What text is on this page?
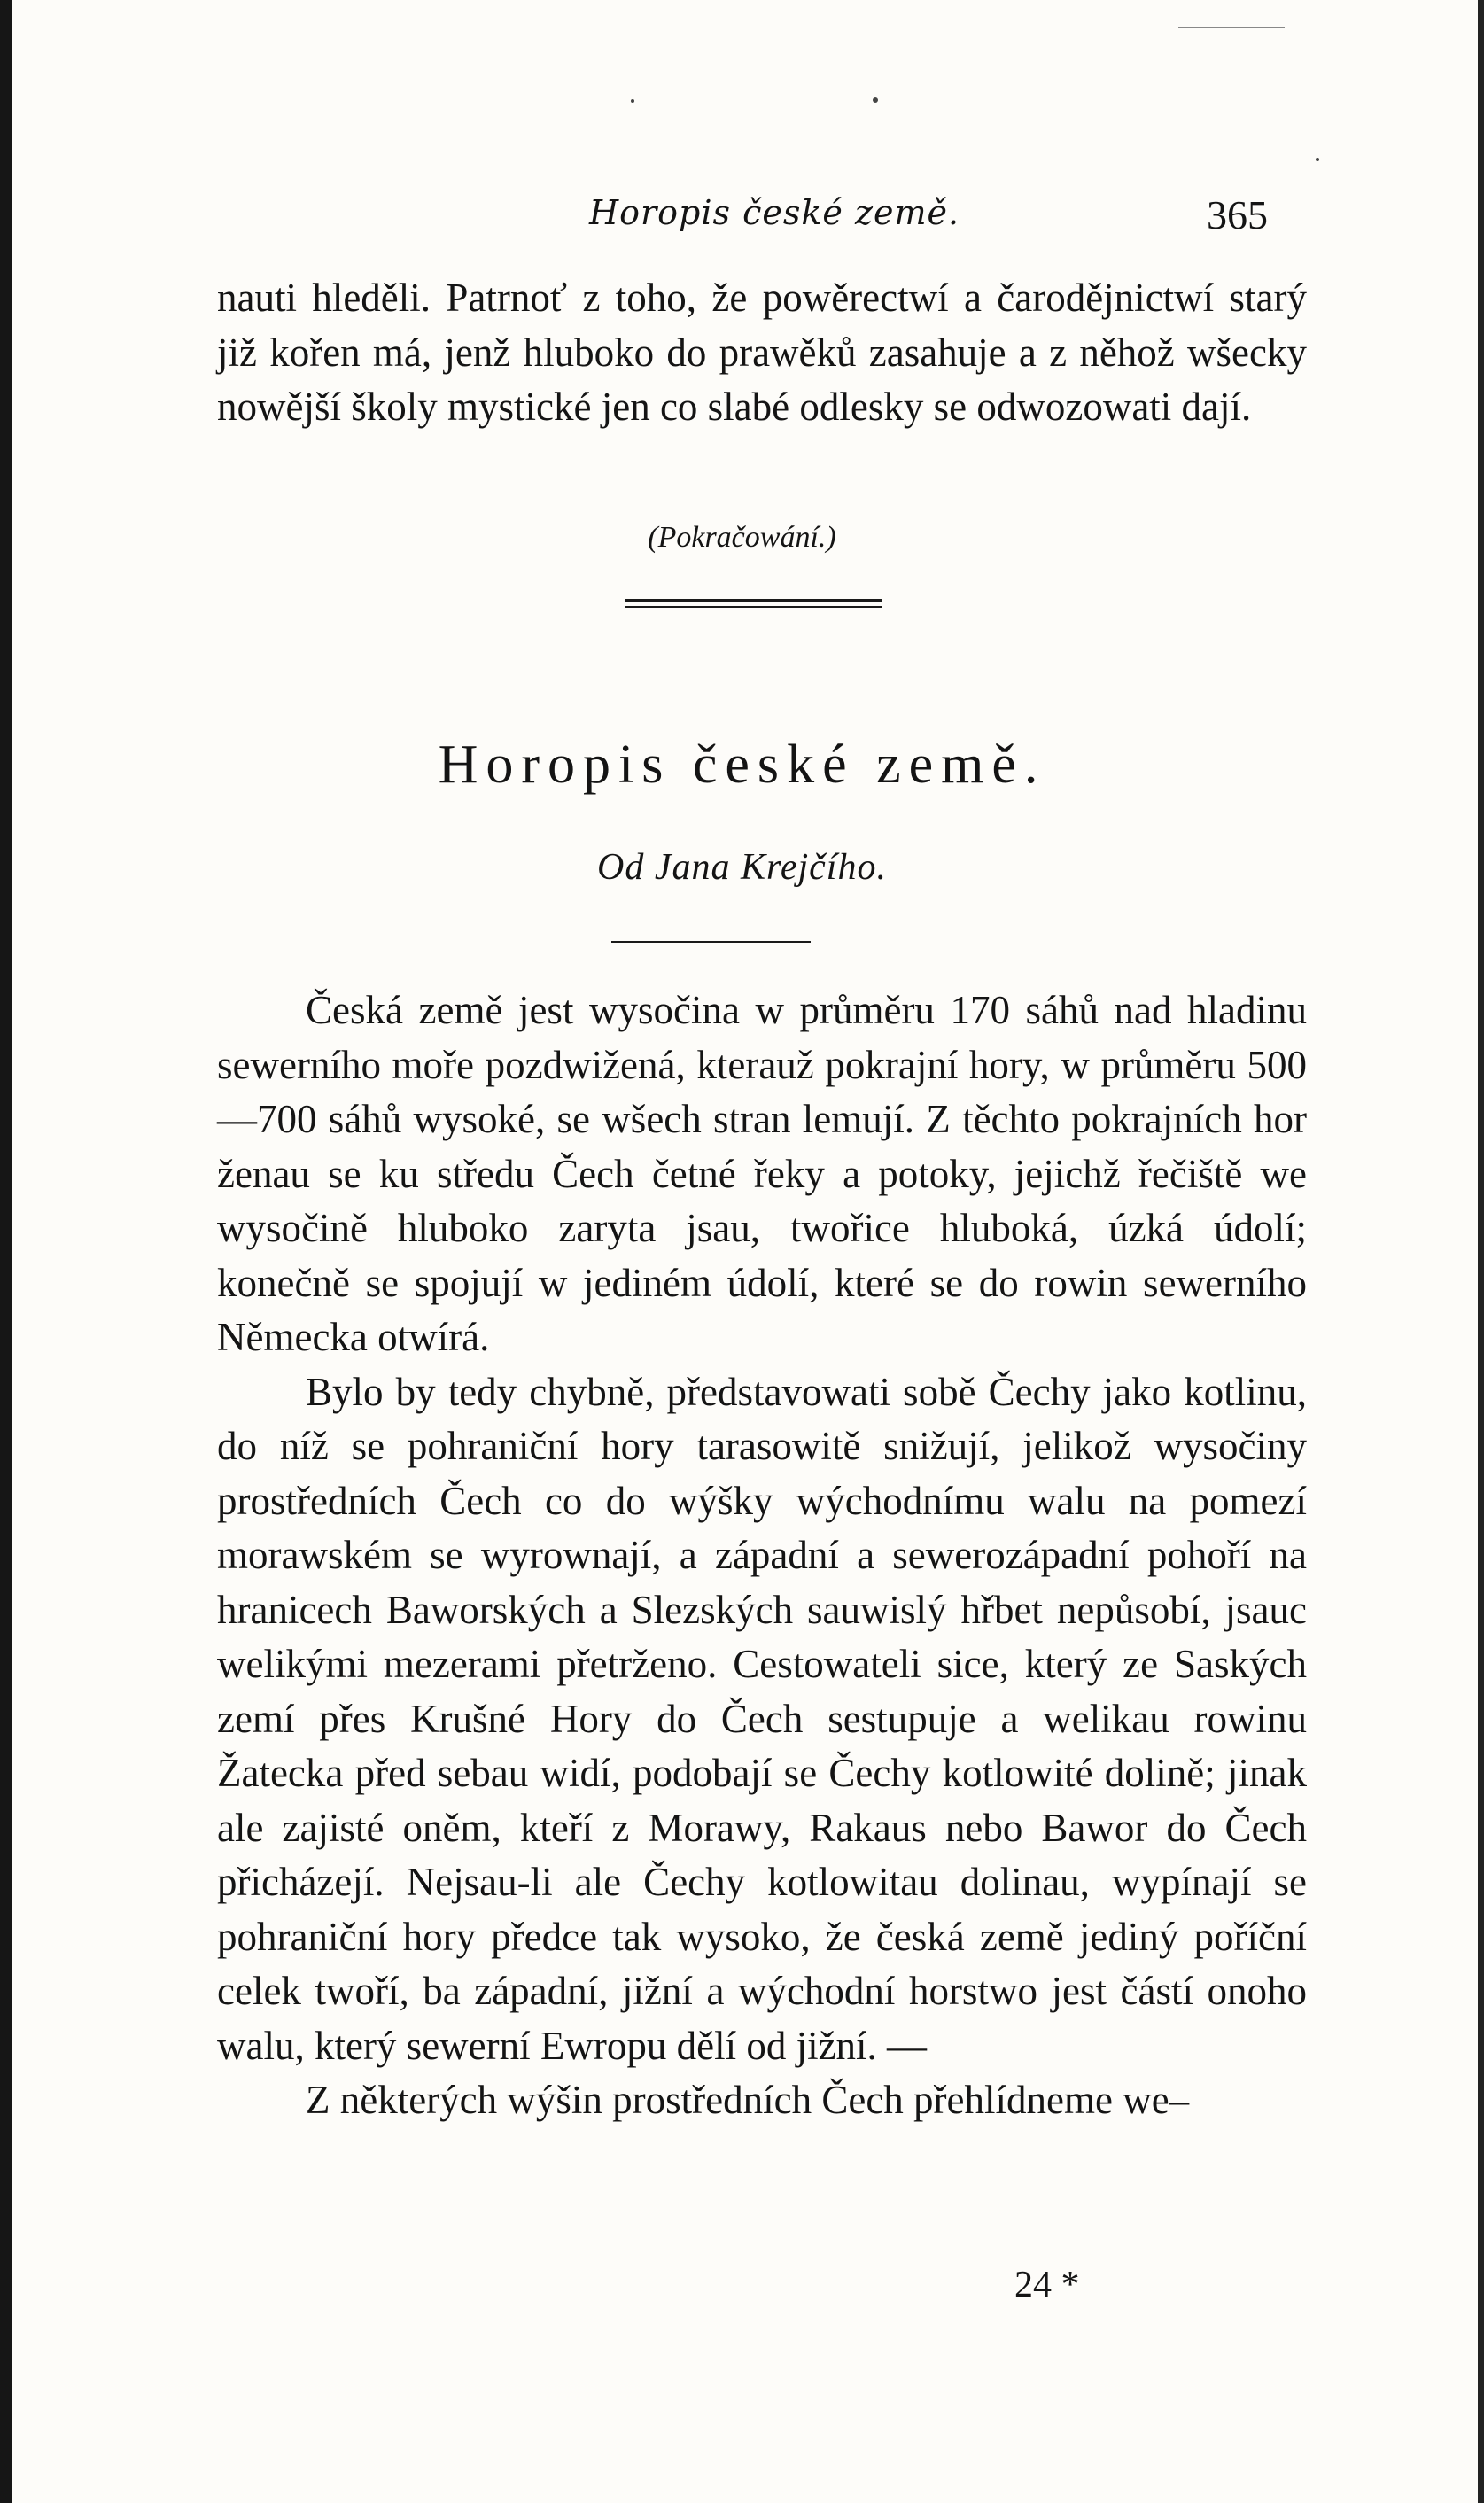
Horopis české země.	365
nauti hleděli. Patrnoť z toho, že powěrectwí a čarodějnictwí starý již kořen má, jenž hluboko do prawěků zasahuje a z něhož wšecky nowější školy mystické jen co slabé odlesky se odwozowati dají.
(Pokračowání.)
Horopis české země.
Od Jana Krejčího.

Česká země jest wysočina w průměru 170 sáhů nad hladinu sewerního moře pozdwižená, kterauž pokrajní hory, w průměru 500—700 sáhů wysoké, se wšech stran lemují. Z těchto pokrajních hor ženau se ku středu Čech četné řeky a potoky, jejichž řečiště we wysočině hluboko zaryta jsau, twořice hluboká, úzká údolí; konečně se spojují w jediném údolí, které se do rowin sewerního Německa otwírá.

Bylo by tedy chybně, představowati sobě Čechy jako kotlinu, do níž se pohraniční hory tarasowitě snižují, jelikož wysočiny prostředních Čech co do wýšky wýchodnímu walu na pomezí morawském se wyrownají, a západní a sewerozápadní pohoří na hranicech Baworských a Slezských sauwislý hřbet nepůsobí, jsauc welikými mezerami přetrženo. Cestowateli sice, který ze Saských zemí přes Krušné Hory do Čech sestupuje a welikau rowinu Žatecka před sebau widí, podobají se Čechy kotlowité dolině; jinak ale zajisté oněm, kteří z Morawy, Rakaus nebo Bawor do Čech přicházejí. Nejsau-li ale Čechy kotlowitau dolinau, wypínají se pohraniční hory předce tak wysoko, že česká země jediný poříční celek twoří, ba západní, jižní a wýchodní horstwo jest částí onoho walu, který sewerní Ewropu dělí od jižní. —

Z některých wýšin prostředních Čech přehlídneme we–

24 *
